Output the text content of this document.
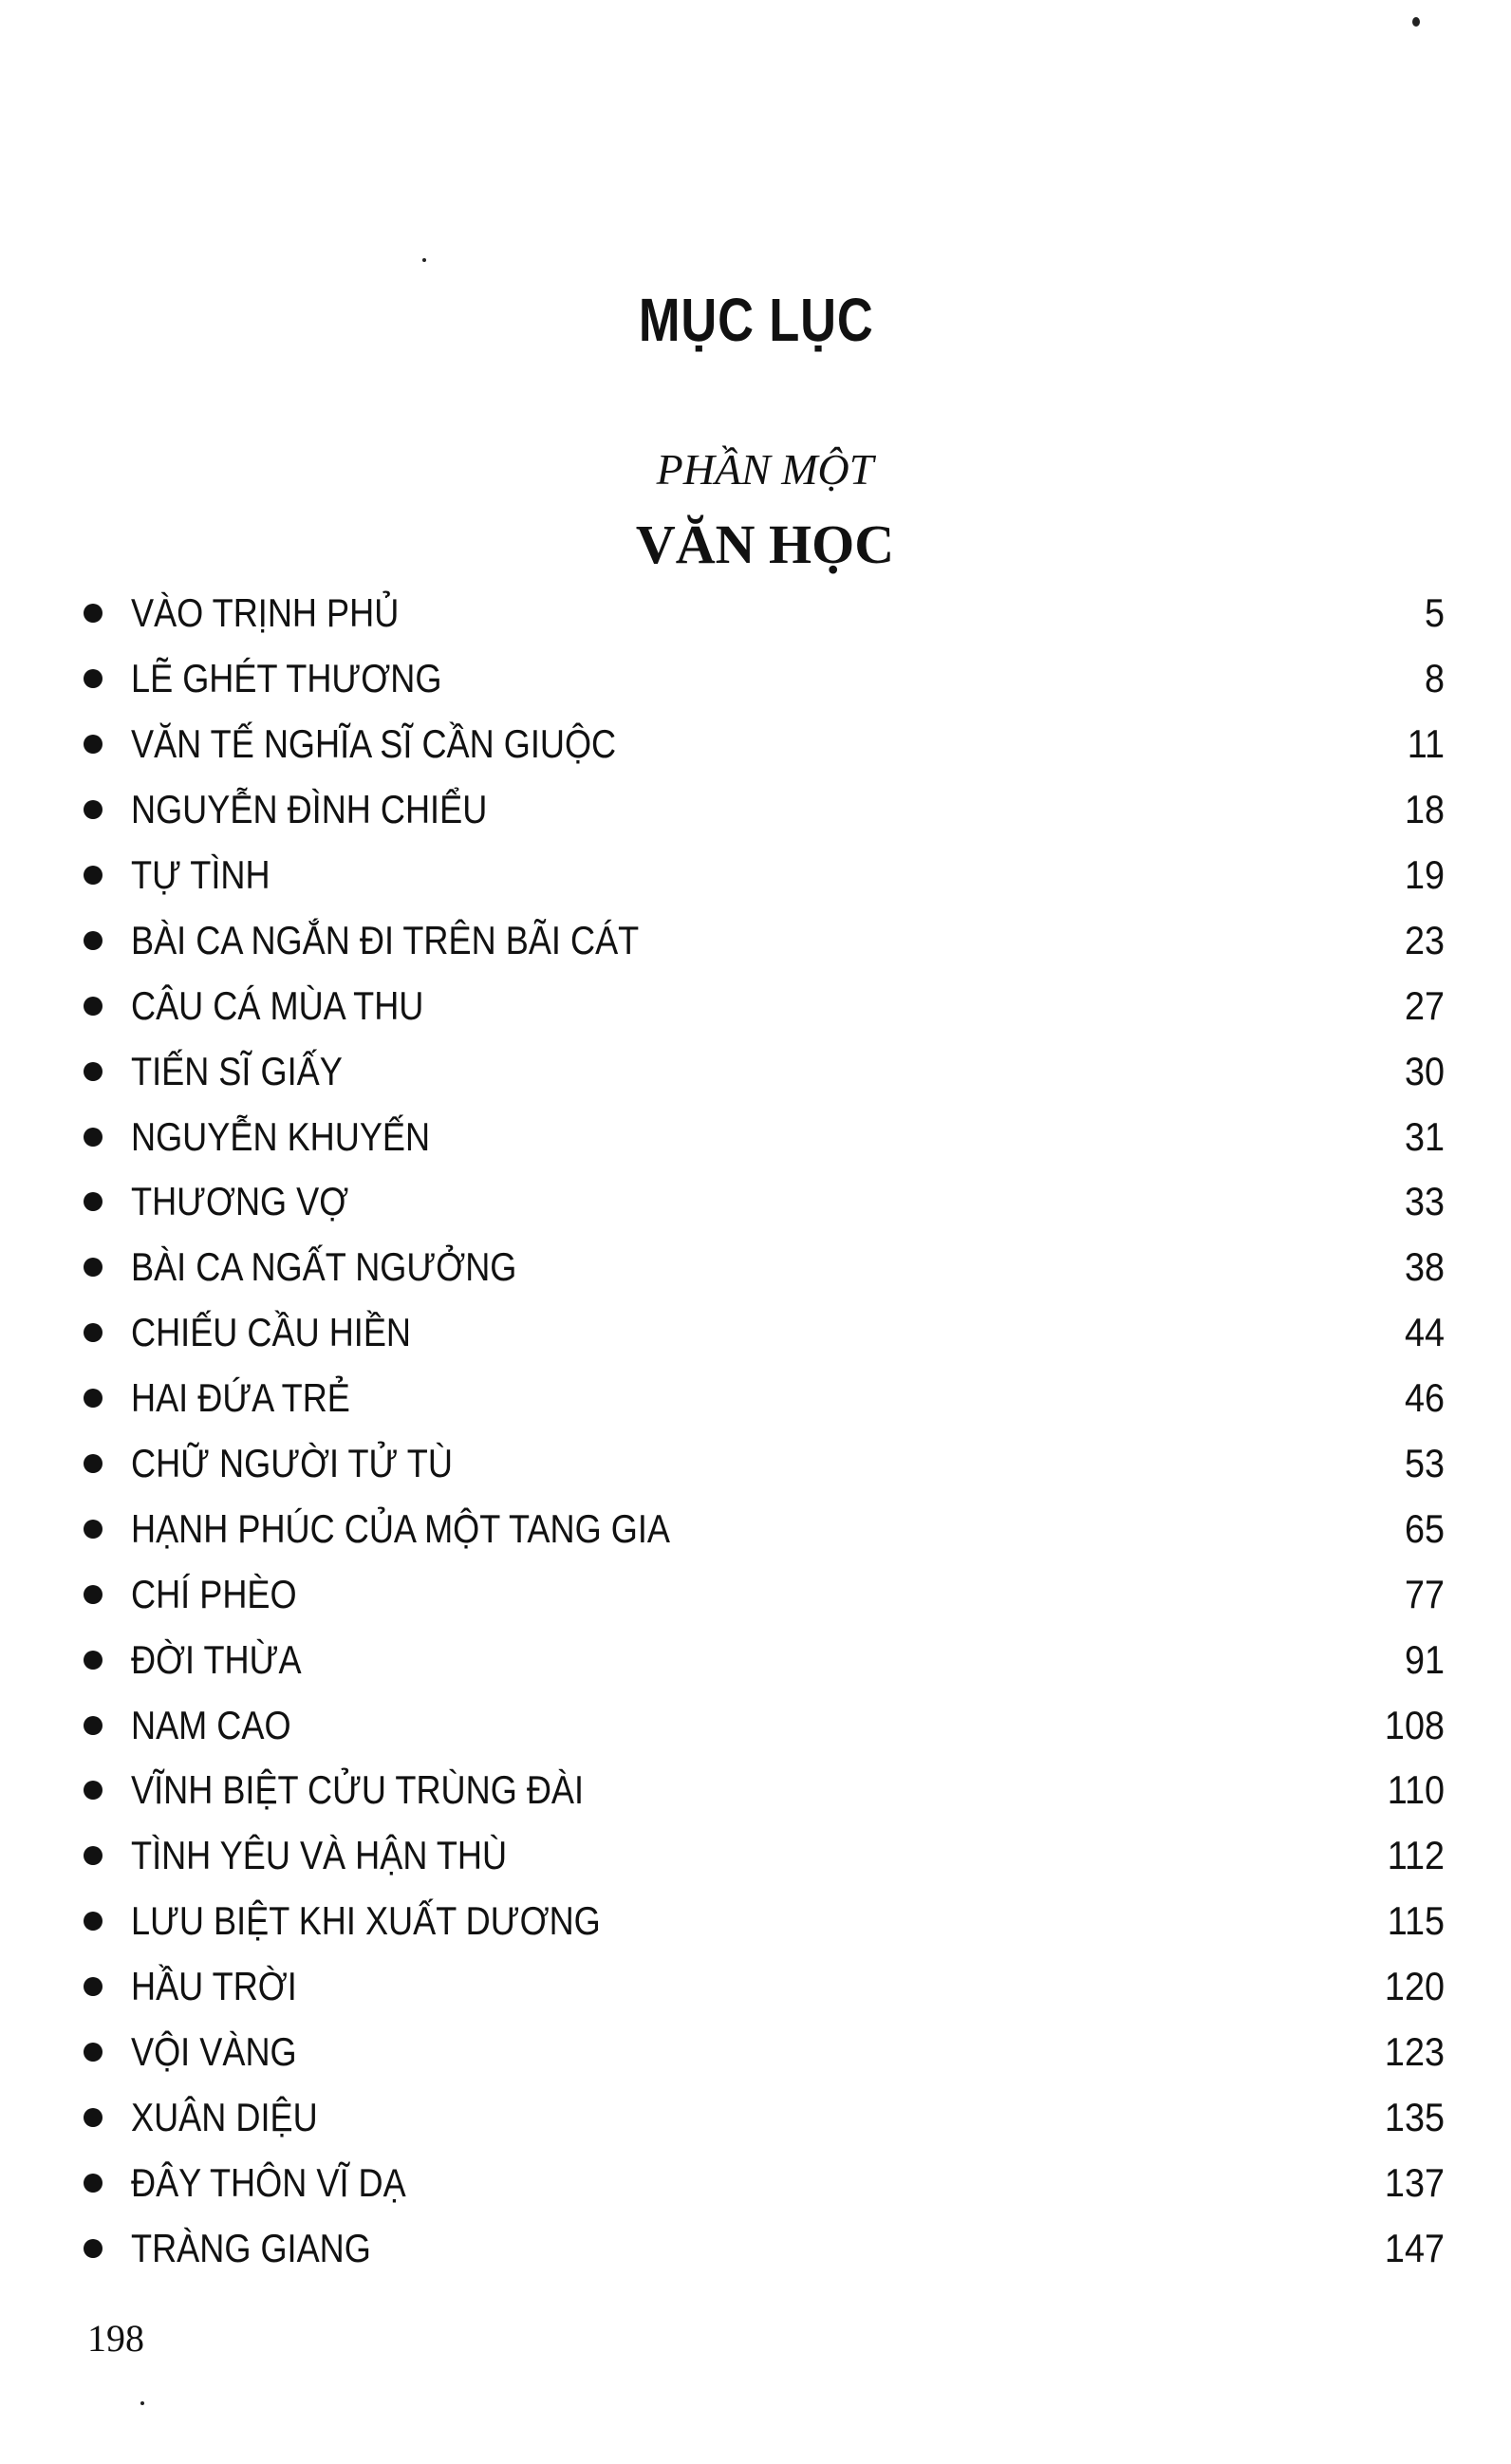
MỤC LỤC
PHẦN MỘT
VĂN HỌC
VÀO TRỊNH PHỦ	5
LẼ GHÉT THƯƠNG	8
VĂN TẾ NGHĨA SĨ CẦN GIUỘC	11
NGUYỄN ĐÌNH CHIỂU	18
TỰ TÌNH	19
BÀI CA NGẮN ĐI TRÊN BÃI CÁT	23
CÂU CÁ MÙA THU	27
TIẾN SĨ GIẤY	30
NGUYỄN KHUYẾN	31
THƯƠNG VỢ	33
BÀI CA NGẤT NGƯỞNG	38
CHIẾU CẦU HIỀN	44
HAI ĐỨA TRẺ	46
CHỮ NGƯỜI TỬ TÙ	53
HẠNH PHÚC CỦA MỘT TANG GIA	65
CHÍ PHÈO	77
ĐỜI THỪA	91
NAM CAO	108
VĨNH BIỆT CỬU TRÙNG ĐÀI	110
TÌNH YÊU VÀ HẬN THÙ	112
LƯU BIỆT KHI XUẤT DƯƠNG	115
HẦU TRỜI	120
VỘI VÀNG	123
XUÂN DIỆU	135
ĐÂY THÔN VĨ DẠ	137
TRÀNG GIANG	147
198
